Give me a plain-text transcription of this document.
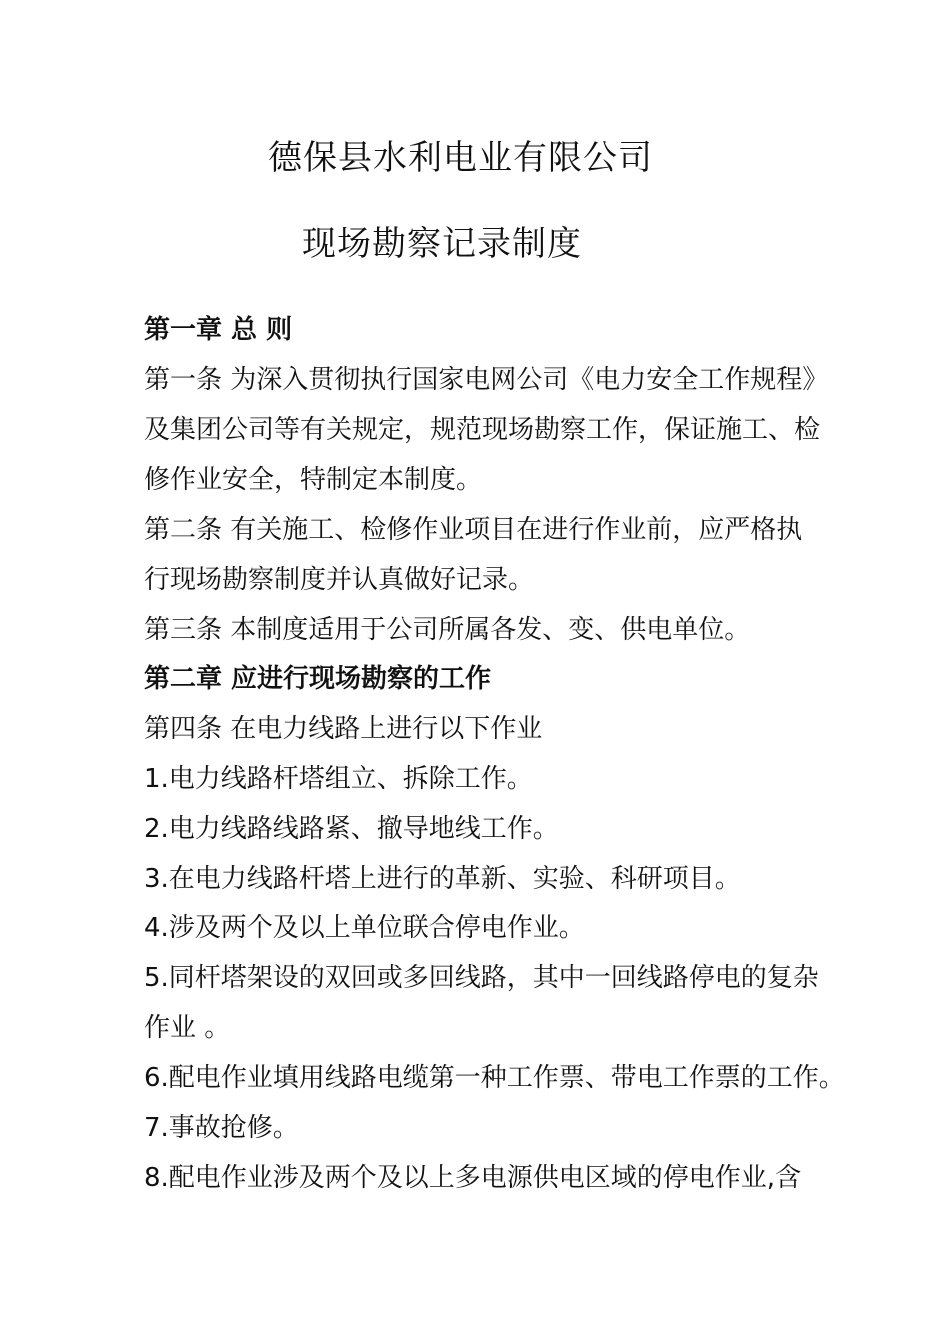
德保县水利电业有限公司
现场勘察记录制度

第一章 总 则

第一条 为深入贯彻执行国家电网公司《电力安全工作规程》

及集团公司等有关规定，规范现场勘察工作，保证施工、检

修作业安全，特制定本制度。

第二条 有关施工、检修作业项目在进行作业前，应严格执

行现场勘察制度并认真做好记录。

第三条 本制度适用于公司所属各发、变、供电单位。

第二章 应进行现场勘察的工作

第四条 在电力线路上进行以下作业

1.电力线路杆塔组立、拆除工作。

2.电力线路线路紧、撤导地线工作。

3.在电力线路杆塔上进行的革新、实验、科研项目。

4.涉及两个及以上单位联合停电作业。

5.同杆塔架设的双回或多回线路，其中一回线路停电的复杂

作业 。

6.配电作业填用线路电缆第一种工作票、带电工作票的工作。

7.事故抢修。

8.配电作业涉及两个及以上多电源供电区域的停电作业,含
